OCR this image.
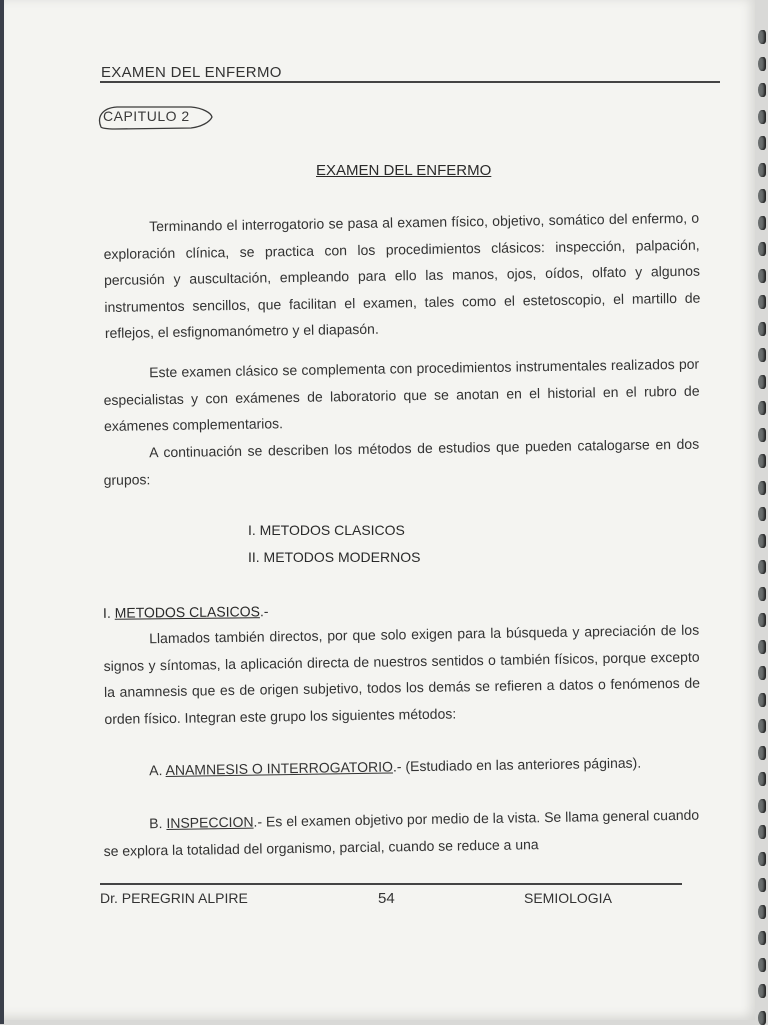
EXAMEN DEL ENFERMO
CAPITULO 2
EXAMEN DEL ENFERMO
Terminando el interrogatorio se pasa al examen físico, objetivo, somático del enfermo, o exploración clínica, se practica con los procedimientos clásicos: inspección, palpación, percusión y auscultación, empleando para ello las manos, ojos, oídos, olfato y algunos instrumentos sencillos, que facilitan el examen, tales como el estetoscopio, el martillo de reflejos, el esfignomanómetro y el diapasón.
Este examen clásico se complementa con procedimientos instrumentales realizados por especialistas y con exámenes de laboratorio que se anotan en el historial en el rubro de exámenes complementarios.
A continuación se describen los métodos de estudios que pueden catalogarse en dos grupos:
I. METODOS CLASICOS
II. METODOS MODERNOS
I. METODOS CLASICOS.-
Llamados también directos, por que solo exigen para la búsqueda y apreciación de los signos y síntomas, la aplicación directa de nuestros sentidos o también físicos, porque excepto la anamnesis que es de origen subjetivo, todos los demás se refieren a datos o fenómenos de orden físico. Integran este grupo los siguientes métodos:
A. ANAMNESIS O INTERROGATORIO.- (Estudiado en las anteriores páginas).
B. INSPECCION.- Es el examen objetivo por medio de la vista. Se llama general cuando se explora la totalidad del organismo, parcial, cuando se reduce a una
Dr. PEREGRIN ALPIRE	54	SEMIOLOGIA
